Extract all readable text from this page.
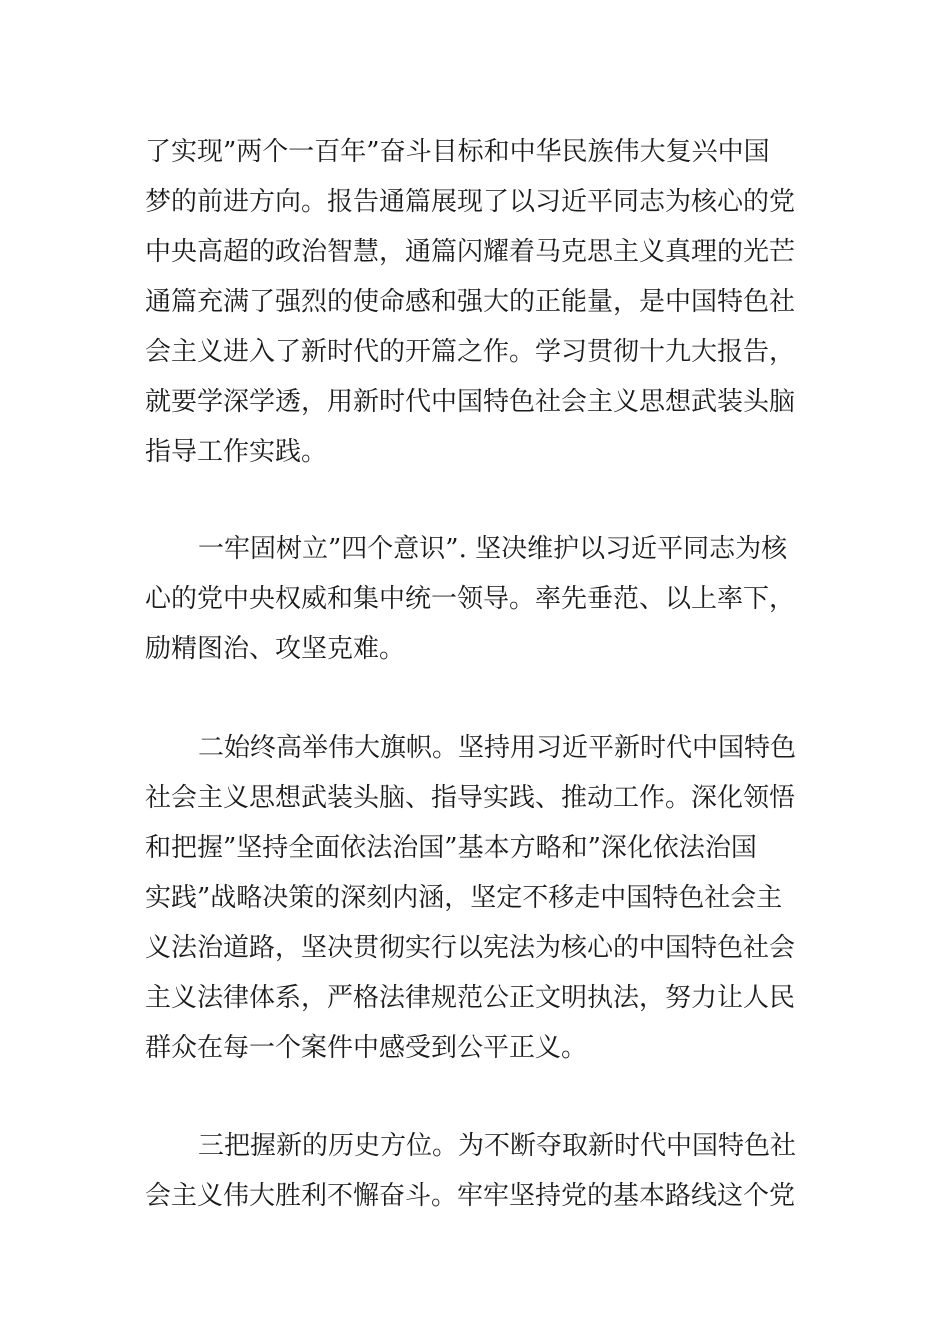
了实现”两个一百年”奋斗目标和中华民族伟大复兴中国
梦的前进方向。报告通篇展现了以习近平同志为核心的党
中央高超的政治智慧，通篇闪耀着马克思主义真理的光芒
通篇充满了强烈的使命感和强大的正能量，是中国特色社
会主义进入了新时代的开篇之作。学习贯彻十九大报告，
就要学深学透，用新时代中国特色社会主义思想武装头脑
指导工作实践。
一牢固树立”四个意识”. 坚决维护以习近平同志为核
心的党中央权威和集中统一领导。率先垂范、以上率下，
励精图治、攻坚克难。
二始终高举伟大旗帜。坚持用习近平新时代中国特色
社会主义思想武装头脑、指导实践、推动工作。深化领悟
和把握”坚持全面依法治国”基本方略和”深化依法治国
实践”战略决策的深刻内涵，坚定不移走中国特色社会主
义法治道路，坚决贯彻实行以宪法为核心的中国特色社会
主义法律体系，严格法律规范公正文明执法，努力让人民
群众在每一个案件中感受到公平正义。
三把握新的历史方位。为不断夺取新时代中国特色社
会主义伟大胜利不懈奋斗。牢牢坚持党的基本路线这个党
